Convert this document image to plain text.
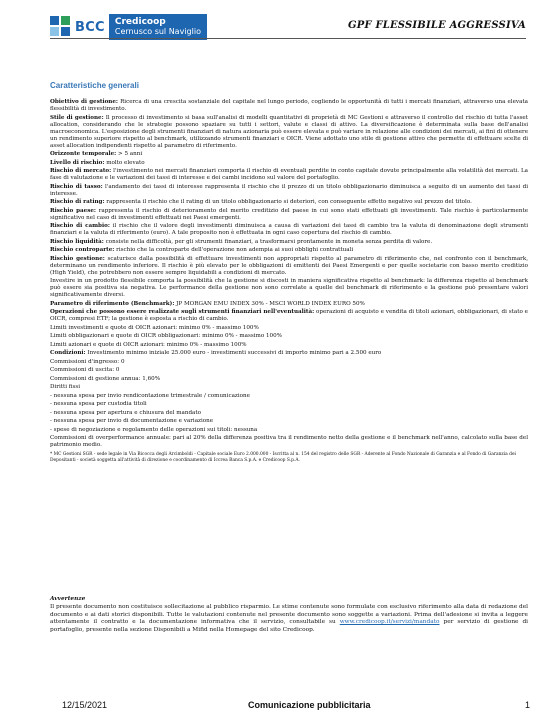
BCC Credicoop
Cernusco sul Naviglio
GPF FLESSIBILE AGGRESSIVA
Caratteristiche generali
Obiettivo di gestione: Ricerca di una crescita sostanziale del capitale nel lungo periodo, cogliendo le opportunità di tutti i mercati finanziari, attraverso una elevata flessibilità di investimento.
Stile di gestione: Il processo di investimento si basa sull'analisi di modelli quantitativi di proprietà di MC Gestioni e attraverso il controllo del rischio di tutta l'asset allocation, considerando che le strategie possono spaziare su tutti i settori, valute e classi di attivo. La diversificazione è determinata sulla base dell'analisi macroeconomica. L'esposizione degli strumenti finanziari di natura azionaria può essere elevata e può variare in relazione alle condizioni dei mercati, ai fini di ottenere un rendimento superiore rispetto al benchmark, utilizzando strumenti finanziari e OICR. Viene adottato uno stile di gestione attivo che permette di effettuare scelte di asset allocation indipendenti rispetto al parametro di riferimento.
Orizzonte temporale: > 5 anni
Livello di rischio: molto elevato
Rischio di mercato: l'investimento nei mercati finanziari comporta il rischio di eventuali perdite in conto capitale dovute principalmente alla volatilità dei mercati. La fase di valutazione e le variazioni dei tassi di interesse e dei cambi incidono sul valore del portafoglio.
Rischio di tasso: l'andamento dei tassi di interesse rappresenta il rischio che il prezzo di un titolo obbligazionario diminuisca a seguito di un aumento dei tassi di interesse.
Rischio di rating: rappresenta il rischio che il rating di un titolo obbligazionario si deteriori, con conseguente effetto negativo sul prezzo del titolo.
Rischio paese: rappresenta il rischio di deterioramento del merito creditizio del paese in cui sono stati effettuati gli investimenti. Tale rischio è particolarmente significativo nel caso di investimenti effettuati nei Paesi emergenti.
Rischio di cambio: il rischio che il valore degli investimenti diminuisca a causa di variazioni dei tassi di cambio tra la valuta di denominazione degli strumenti finanziari e la valuta di riferimento (euro). A tale proposito non è effettuata in ogni caso copertura del rischio di cambio.
Rischio liquidità: consiste nella difficoltà, per gli strumenti finanziari, a trasformarsi prontamente in moneta senza perdita di valore.
Rischio controparte: rischio che la controparte dell'operazione non adempia ai suoi obblighi contrattuali
Rischio gestione: scaturisce dalla possibilità di effettuare investimenti non appropriati rispetto al parametro di riferimento che, nel confronto con il benchmark, determinano un rendimento inferiore. Il rischio è più elevato per le obbligazioni di emittenti dei Paesi Emergenti e per quelle societarie con basso merito creditizio (High Yield), che potrebbero non essere sempre liquidabili a condizioni di mercato.
Investire in un prodotto flessibile comporta la possibilità che la gestione si discosti in maniera significativa rispetto al benchmark: la differenza rispetto al benchmark può essere sia positiva sia negativa. Le performance della gestione non sono correlate a quelle del benchmark di riferimento e la gestione può presentare valori significativamente diversi.
Parametro di riferimento (Benchmark): JP MORGAN EMU INDEX 30% - MSCI WORLD INDEX EURO 50%
Operazioni che possono essere realizzate sugli strumenti finanziari nell'eventualità: operazioni di acquisto e vendita di titoli azionari, obbligazionari, di stato e OICR, compresi ETF; la gestione è esposta a rischio di cambio.
Limiti investimenti e quote di OICR azionari: minimo 0% - massimo 100%
Limiti obbligazionari e quote di OICR obbligazionari: minimo 0% - massimo 100%
Limiti azionari e quote di OICR azionari: minimo 0% - massimo 100%
Condizioni: Investimento minimo iniziale 25.000 euro - investimenti successivi di importo minimo pari a 2.500 euro
Commissioni d'ingresso: 0
Commissioni di uscita: 0
Commissioni di gestione annua: 1,60%
Diritti fissi
- nessuna spesa per invio rendicontazione trimestrale / comunicazione
- nessuna spesa per custodia titoli
- nessuna spesa per apertura e chiusura del mandato
- nessuna spesa per invio di documentazione e variazione
- spese di negoziazione e regolamento delle operazioni sui titoli: nessuna
Commissioni di overperformance annuale: pari al 20% della differenza positiva tra il rendimento netto della gestione e il benchmark nell'anno, calcolato sulla base del patrimonio medio.
* MC Gestioni SGR - sede legale in Via Bicocca degli Arcimboldi - Capitale sociale Euro 2.000.000 - Iscritta al n. 154 del registro delle SGR - Aderente al Fondo Nazionale di Garanzia e al Fondo di Garanzia dei Depositanti - società soggetta all'attività di direzione e coordinamento di Iccrea Banca S.p.A. e Credicoop S.p.A.
Avvertenze
Il presente documento non costituisce sollecitazione al pubblico risparmio. Le stime contenute sono formulate con esclusivo riferimento alla data di redazione del documento e ai dati storici disponibili. Tutte le valutazioni contenute nel presente documento sono soggette a variazioni. Prima dell'adesione si invita a leggere attentamente il contratto e la documentazione informativa che il servizio, consultabile su www.credicoop.it/servizi/mandato per servizio di gestione di portafoglio, presente nella sezione Disponibili a Mifid nella Homepage del sito Credicoop.
12/15/2021	Comunicazione pubblicitaria	1
